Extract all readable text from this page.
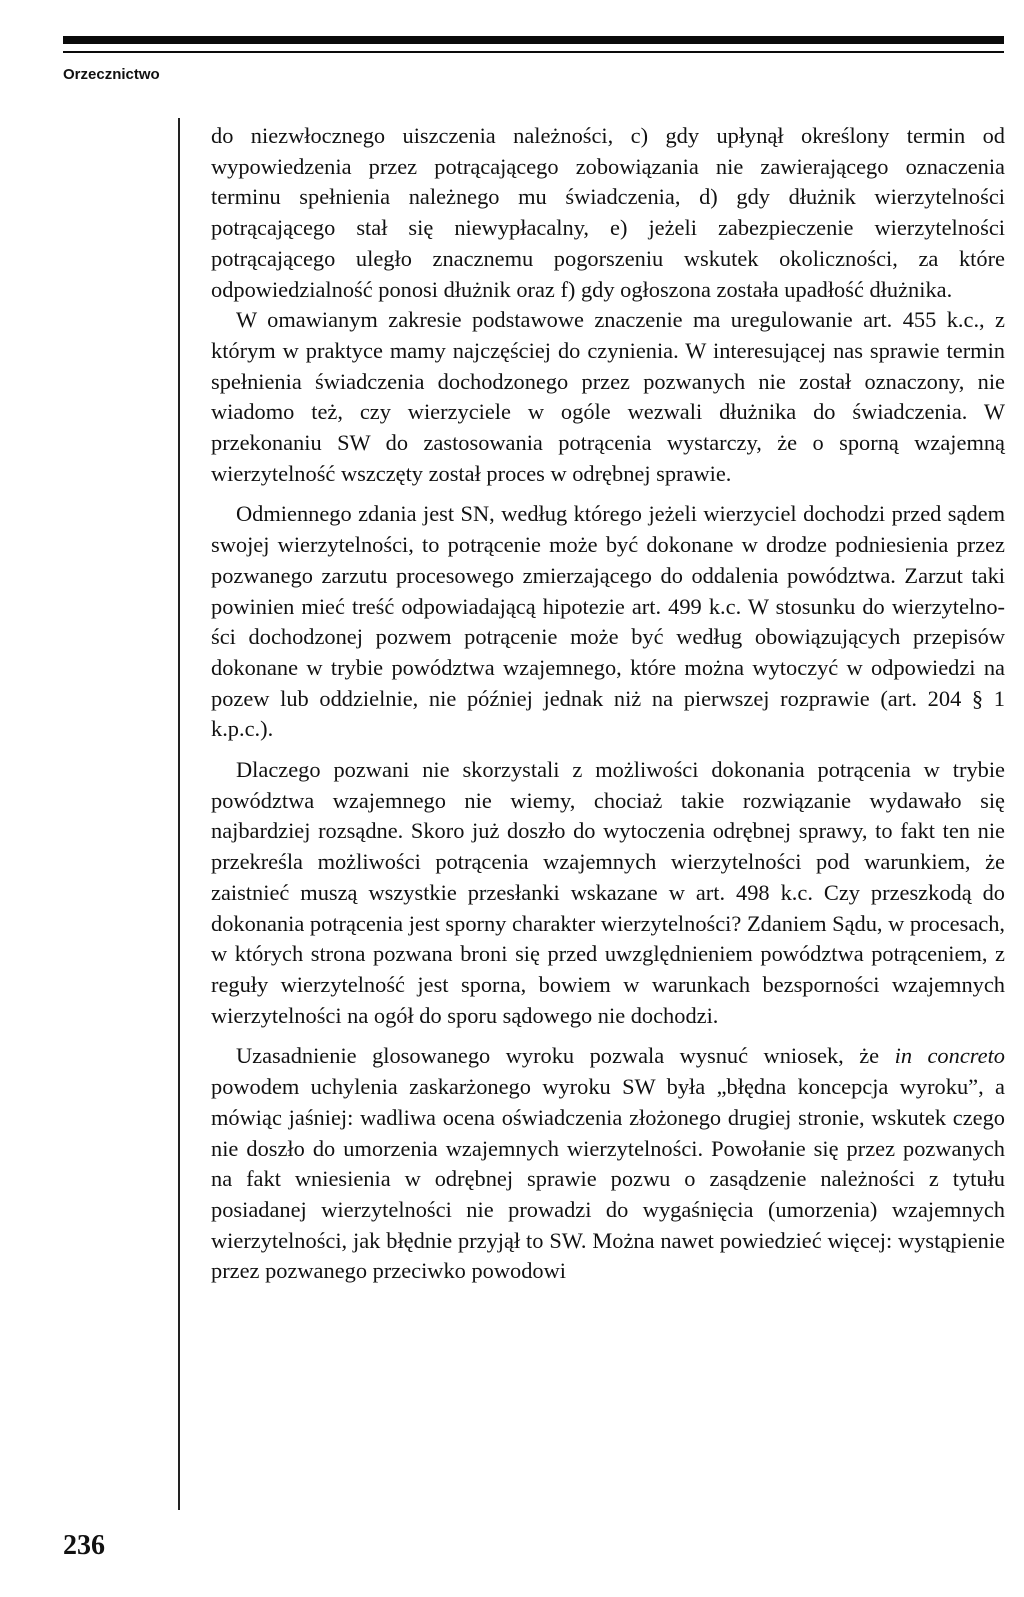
Orzecznictwo

do niezwłocznego uiszczenia należności, c) gdy upłynął określony termin od wypowiedzenia przez potrącającego zobowiązania nie zawierającego oznaczenia terminu spełnienia należnego mu świadczenia, d) gdy dłużnik wierzytelności potrącającego stał się niewypłacalny, e) jeżeli zabezpieczenie wierzytelności potrącającego uległo znacznemu pogorszeniu wskutek okoliczności, za które odpowiedzialność ponosi dłużnik oraz f) gdy ogłoszona została upadłość dłużnika.

W omawianym zakresie podstawowe znaczenie ma uregulowanie art. 455 k.c., z którym w praktyce mamy najczęściej do czynienia. W interesującej nas sprawie termin spełnienia świadczenia dochodzonego przez pozwanych nie został oznaczony, nie wiadomo też, czy wierzyciele w ogóle wezwali dłużnika do świadczenia. W przekonaniu SW do zastosowania potrącenia wystarczy, że o sporną wzajemną wierzytelność wszczęty został proces w odrębnej sprawie.

Odmiennego zdania jest SN, według którego jeżeli wierzyciel dochodzi przed sądem swojej wierzytelności, to potrącenie może być dokonane w drodze podniesienia przez pozwanego zarzutu procesowego zmierzającego do oddalenia powództwa. Zarzut taki powinien mieć treść odpowiadającą hipotezie art. 499 k.c. W stosunku do wierzytelności dochodzonej pozwem potrącenie może być według obowiązujących przepisów dokonane w trybie powództwa wzajemnego, które można wytoczyć w odpowiedzi na pozew lub oddzielnie, nie później jednak niż na pierwszej rozprawie (art. 204 § 1 k.p.c.).

Dlaczego pozwani nie skorzystali z możliwości dokonania potrącenia w trybie powództwa wzajemnego nie wiemy, chociaż takie rozwiązanie wydawało się najbardziej rozsądne. Skoro już doszło do wytoczenia odrębnej sprawy, to fakt ten nie przekreśla możliwości potrącenia wzajemnych wierzytelności pod warunkiem, że zaistnieć muszą wszystkie przesłanki wskazane w art. 498 k.c. Czy przeszkodą do dokonania potrącenia jest sporny charakter wierzytelności? Zdaniem Sądu, w procesach, w których strona pozwana broni się przed uwzględnieniem powództwa potrąceniem, z reguły wierzytelność jest sporna, bowiem w warunkach bezsporności wzajemnych wierzytelności na ogół do sporu sądowego nie dochodzi.

Uzasadnienie glosowanego wyroku pozwala wysnuć wniosek, że in concreto powodem uchylenia zaskarżonego wyroku SW była „błędna koncepcja wyroku”, a mówiąc jaśniej: wadliwa ocena oświadczenia złożonego drugiej stronie, wskutek czego nie doszło do umorzenia wzajemnych wierzytelności. Powołanie się przez pozwanych na fakt wniesienia w odrębnej sprawie pozwu o zasądzenie należności z tytułu posiadanej wierzytelności nie prowadzi do wygaśnięcia (umorzenia) wzajemnych wierzytelności, jak błędnie przyjął to SW. Można nawet powiedzieć więcej: wystąpienie przez pozwanego przeciwko powodowi

236
